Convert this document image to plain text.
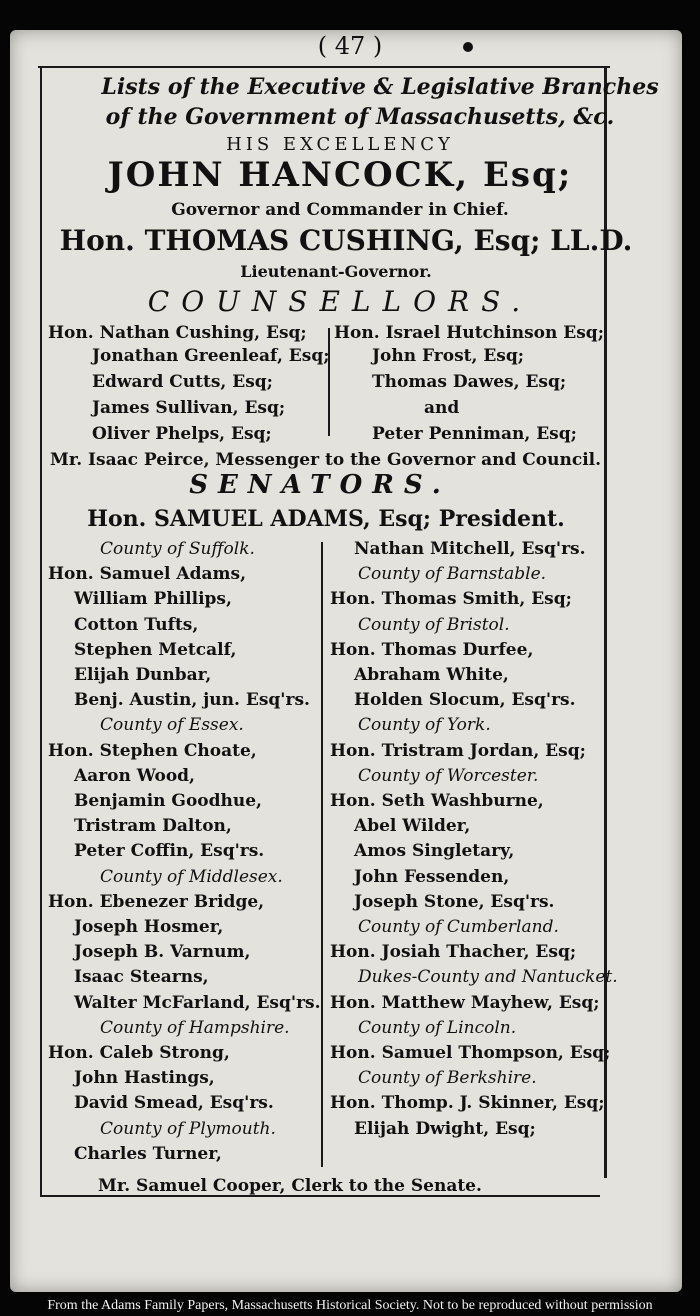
( 47 )
Lists of the Executive & Legislative Branches
of the Government of Massachusetts, &c.
HIS EXCELLENCY
JOHN HANCOCK, Esq;
Governor and Commander in Chief.
Hon. THOMAS CUSHING, Esq; LL.D.
Lieutenant-Governor.
COUNSELLORS.
Hon. Nathan Cushing, Esq;
Jonathan Greenleaf, Esq;
Edward Cutts, Esq;
James Sullivan, Esq;
Oliver Phelps, Esq;
Hon. Israel Hutchinson Esq;
John Frost, Esq;
Thomas Dawes, Esq;
and
Peter Penniman, Esq;
Mr. Isaac Peirce, Messenger to the Governor and Council.
SENATORS.
Hon. SAMUEL ADAMS, Esq; President.
County of Suffolk.
Hon. Samuel Adams,
William Phillips,
Cotton Tufts,
Stephen Metcalf,
Elijah Dunbar,
Benj. Austin, jun. Esq'rs.
County of Essex.
Hon. Stephen Choate,
Aaron Wood,
Benjamin Goodhue,
Tristram Dalton,
Peter Coffin, Esq'rs.
County of Middlesex.
Hon. Ebenezer Bridge,
Joseph Hosmer,
Joseph B. Varnum,
Isaac Stearns,
Walter McFarland, Esq'rs.
County of Hampshire.
Hon. Caleb Strong,
John Hastings,
David Smead, Esq'rs.
County of Plymouth.
Charles Turner,
Nathan Mitchell, Esq'rs.
County of Barnstable.
Hon. Thomas Smith, Esq;
County of Bristol.
Hon. Thomas Durfee,
Abraham White,
Holden Slocum, Esq'rs.
County of York.
Hon. Tristram Jordan, Esq;
County of Worcester.
Hon. Seth Washburne,
Abel Wilder,
Amos Singletary,
John Fessenden,
Joseph Stone, Esq'rs.
County of Cumberland.
Hon. Josiah Thacher, Esq;
Dukes-County and Nantucket.
Hon. Matthew Mayhew, Esq;
County of Lincoln.
Hon. Samuel Thompson, Esq;
County of Berkshire.
Hon. Thomp. J. Skinner, Esq;
Elijah Dwight, Esq;
Mr. Samuel Cooper, Clerk to the Senate.
From the Adams Family Papers, Massachusetts Historical Society. Not to be reproduced without permission
